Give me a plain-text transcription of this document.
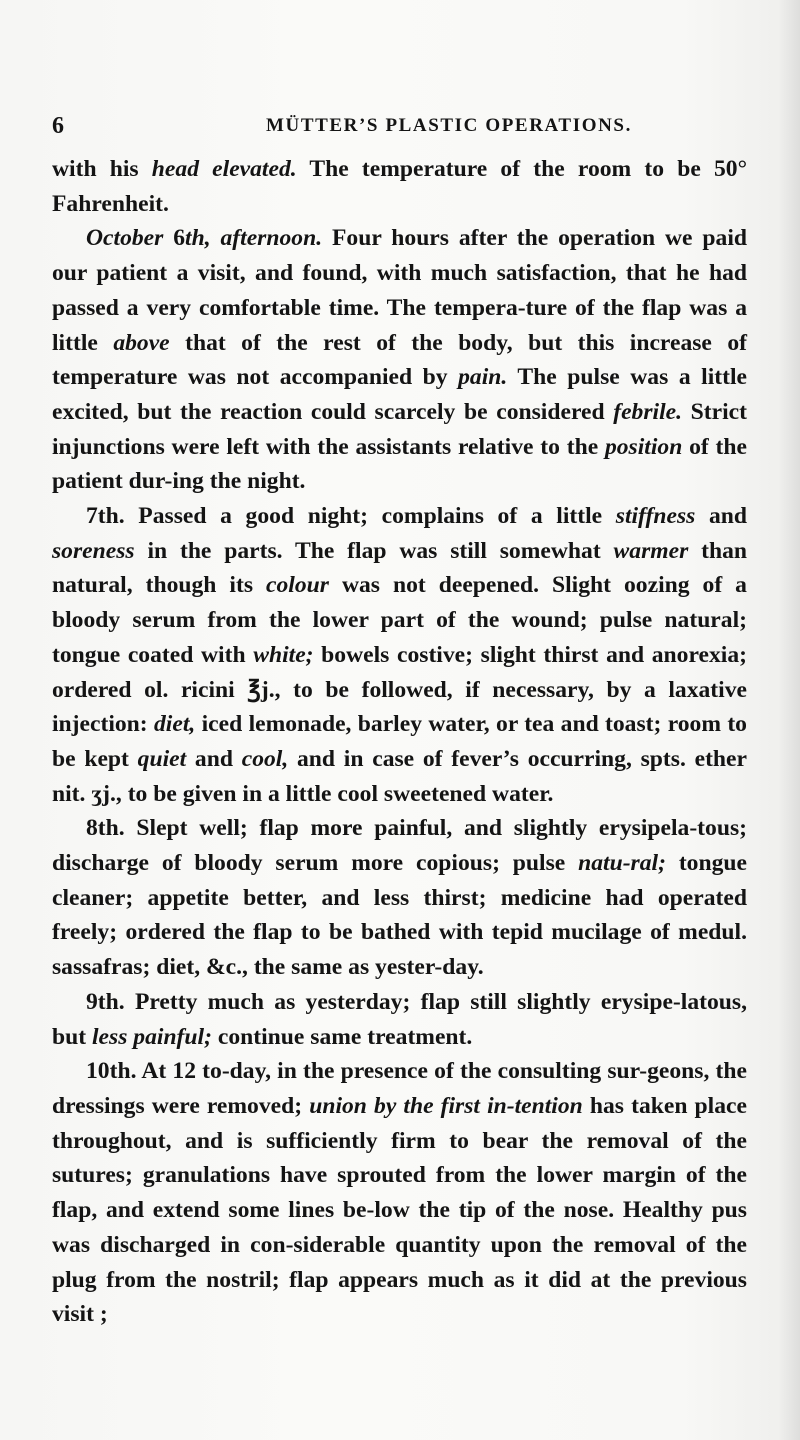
6	MÜTTER’S PLASTIC OPERATIONS.

with his head elevated. The temperature of the room to be 50° Fahrenheit.

October 6th, afternoon. Four hours after the operation we paid our patient a visit, and found, with much satisfaction, that he had passed a very comfortable time. The tempera-ture of the flap was a little above that of the rest of the body, but this increase of temperature was not accompanied by pain. The pulse was a little excited, but the reaction could scarcely be considered febrile. Strict injunctions were left with the assistants relative to the position of the patient dur-ing the night.

7th. Passed a good night; complains of a little stiffness and soreness in the parts. The flap was still somewhat warmer than natural, though its colour was not deepened. Slight oozing of a bloody serum from the lower part of the wound; pulse natural; tongue coated with white; bowels costive; slight thirst and anorexia; ordered ol. ricini ℥j., to be followed, if necessary, by a laxative injection: diet, iced lemonade, barley water, or tea and toast; room to be kept quiet and cool, and in case of fever’s occurring, spts. ether nit. ʒj., to be given in a little cool sweetened water.

8th. Slept well; flap more painful, and slightly erysipela-tous; discharge of bloody serum more copious; pulse natu-ral; tongue cleaner; appetite better, and less thirst; medicine had operated freely; ordered the flap to be bathed with tepid mucilage of medul. sassafras; diet, &c., the same as yester-day.

9th. Pretty much as yesterday; flap still slightly erysipe-latous, but less painful; continue same treatment.

10th. At 12 to-day, in the presence of the consulting sur-geons, the dressings were removed; union by the first in-tention has taken place throughout, and is sufficiently firm to bear the removal of the sutures; granulations have sprouted from the lower margin of the flap, and extend some lines be-low the tip of the nose. Healthy pus was discharged in con-siderable quantity upon the removal of the plug from the nostril; flap appears much as it did at the previous visit ;
